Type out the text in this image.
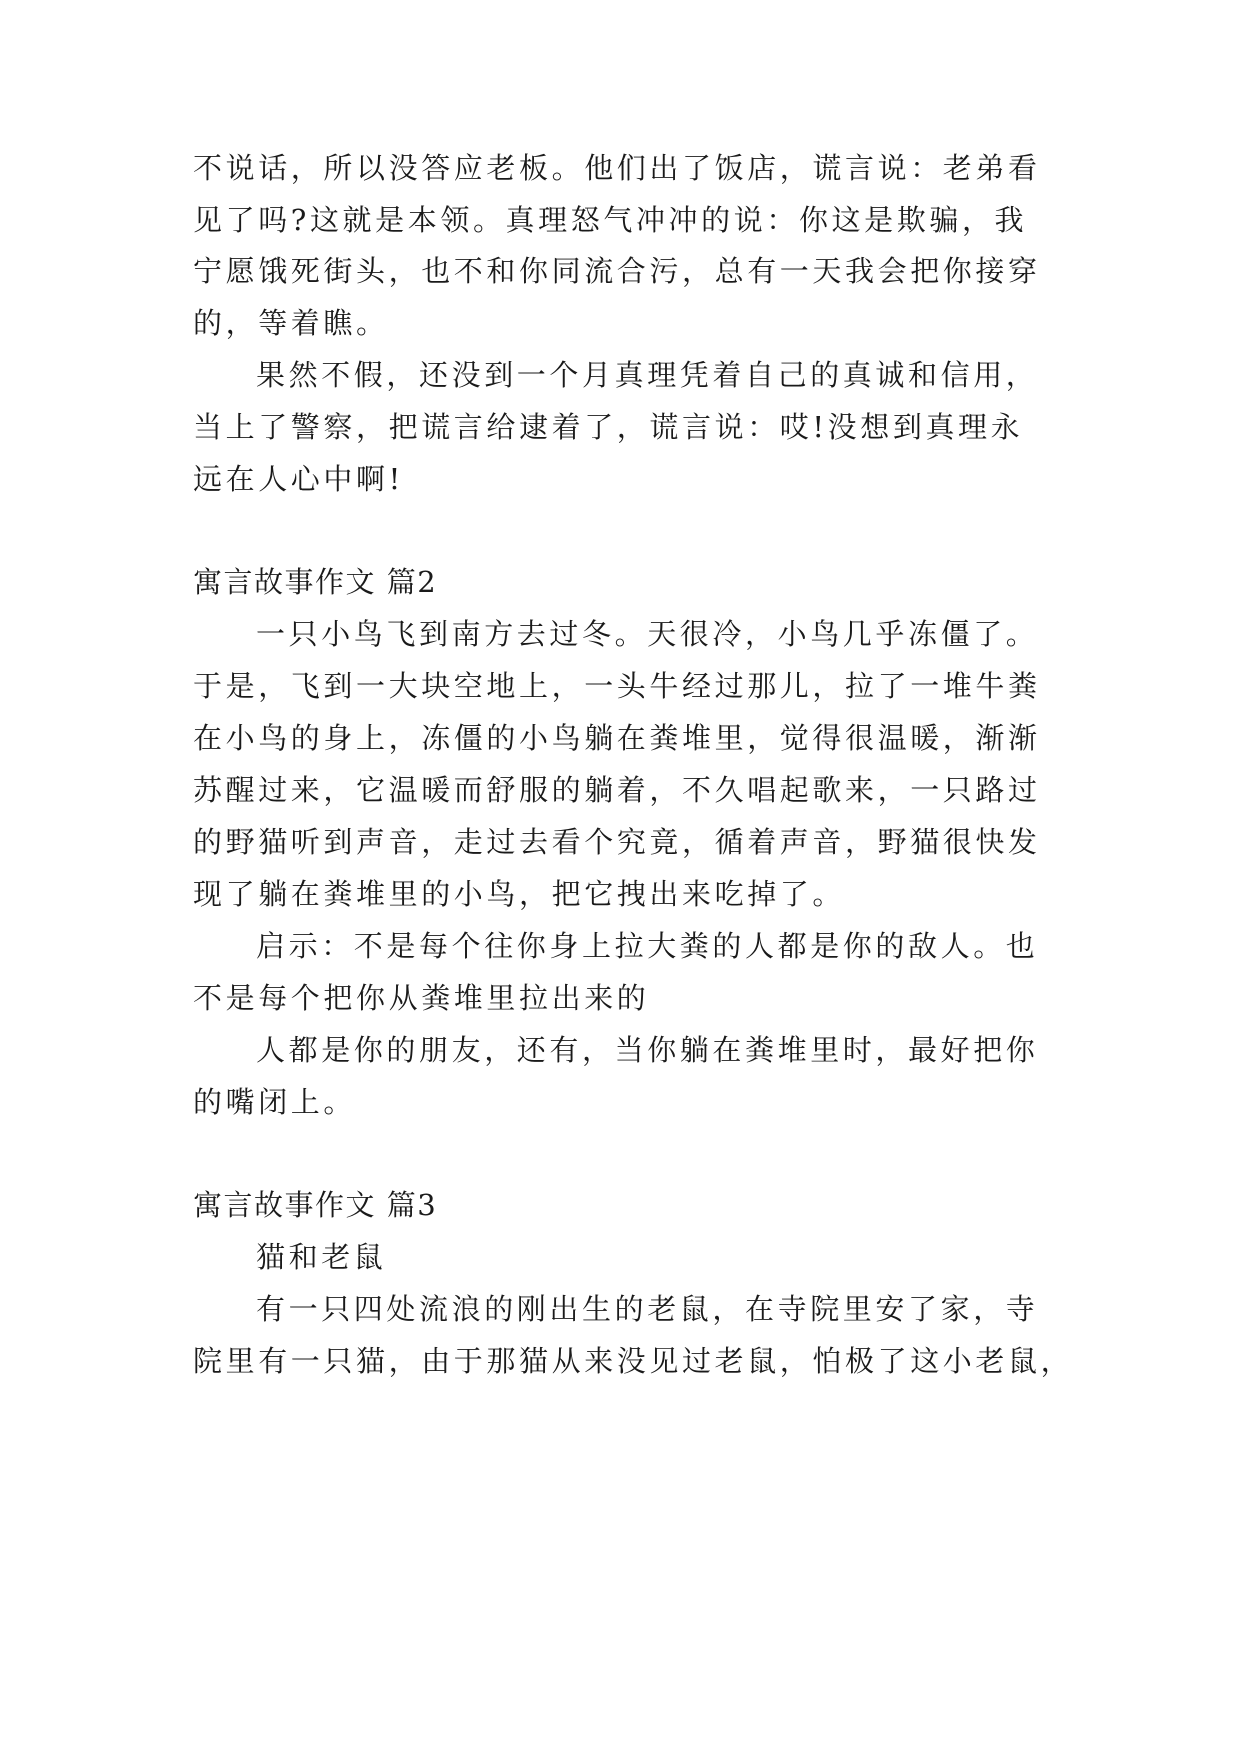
不说话，所以没答应老板。他们出了饭店，谎言说：老弟看
见了吗?这就是本领。真理怒气冲冲的说：你这是欺骗，我
宁愿饿死街头，也不和你同流合污，总有一天我会把你接穿
的，等着瞧。
果然不假，还没到一个月真理凭着自己的真诚和信用，
当上了警察，把谎言给逮着了，谎言说：哎!没想到真理永
远在人心中啊!
寓言故事作文 篇2
一只小鸟飞到南方去过冬。天很冷，小鸟几乎冻僵了。
于是，飞到一大块空地上，一头牛经过那儿，拉了一堆牛粪
在小鸟的身上，冻僵的小鸟躺在粪堆里，觉得很温暖，渐渐
苏醒过来，它温暖而舒服的躺着，不久唱起歌来，一只路过
的野猫听到声音，走过去看个究竟，循着声音，野猫很快发
现了躺在粪堆里的小鸟，把它拽出来吃掉了。
启示：不是每个往你身上拉大粪的人都是你的敌人。也
不是每个把你从粪堆里拉出来的
人都是你的朋友，还有，当你躺在粪堆里时，最好把你
的嘴闭上。
寓言故事作文 篇3
猫和老鼠
有一只四处流浪的刚出生的老鼠，在寺院里安了家，寺
院里有一只猫，由于那猫从来没见过老鼠，怕极了这小老鼠，
